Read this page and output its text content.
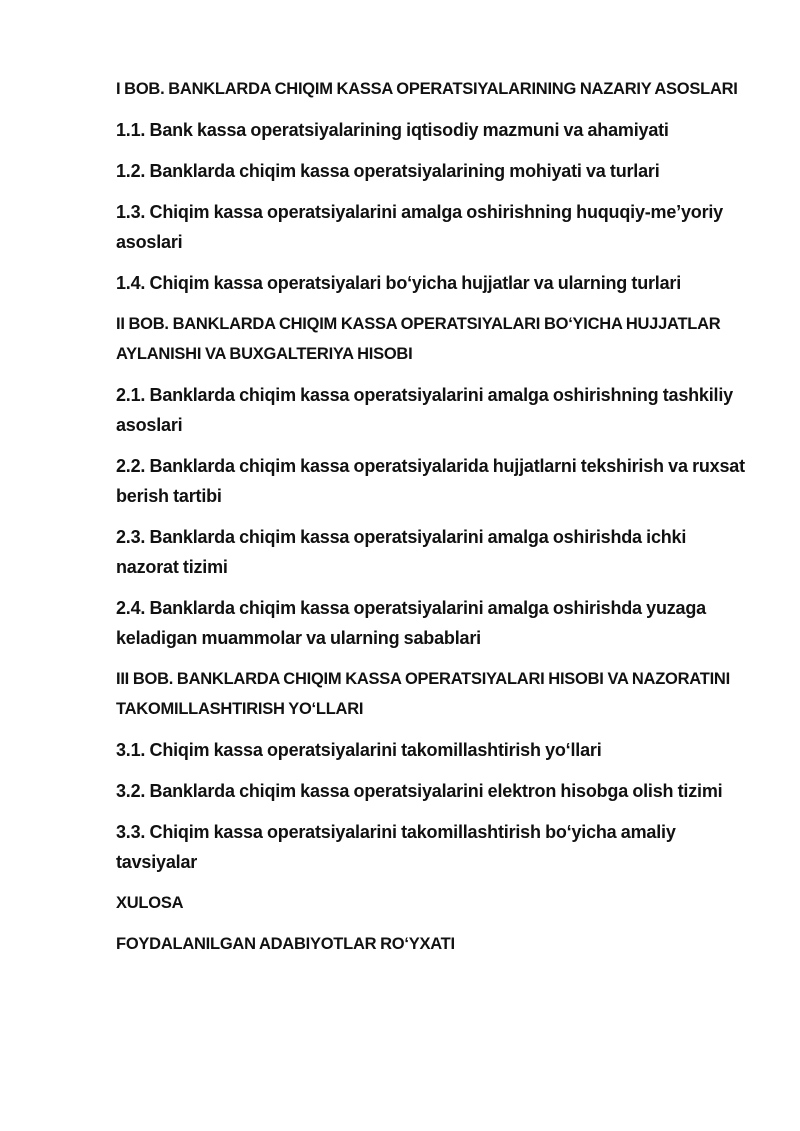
I BOB. BANKLARDA CHIQIM KASSA OPERATSIYALARINING NAZARIY ASOSLARI
1.1. Bank kassa operatsiyalarining iqtisodiy mazmuni va ahamiyati
1.2. Banklarda chiqim kassa operatsiyalarining mohiyati va turlari
1.3. Chiqim kassa operatsiyalarini amalga oshirishning huquqiy-me’yoriy asoslari
1.4. Chiqim kassa operatsiyalari bo‘yicha hujjatlar va ularning turlari
II BOB. BANKLARDA CHIQIM KASSA OPERATSIYALARI BO‘YICHA HUJJATLAR AYLANISHI VA BUXGALTERIYA HISOBI
2.1. Banklarda chiqim kassa operatsiyalarini amalga oshirishning tashkiliy asoslari
2.2. Banklarda chiqim kassa operatsiyalarida hujjatlarni tekshirish va ruxsat berish tartibi
2.3. Banklarda chiqim kassa operatsiyalarini amalga oshirishda ichki nazorat tizimi
2.4. Banklarda chiqim kassa operatsiyalarini amalga oshirishda yuzaga keladigan muammolar va ularning sabablari
III BOB. BANKLARDA CHIQIM KASSA OPERATSIYALARI HISOBI VA NAZORATINI TAKOMILLASHTIRISH YO‘LLARI
3.1. Chiqim kassa operatsiyalarini takomillashtirish yo‘llari
3.2. Banklarda chiqim kassa operatsiyalarini elektron hisobga olish tizimi
3.3. Chiqim kassa operatsiyalarini takomillashtirish bo‘yicha amaliy tavsiyalar
XULOSA
FOYDALANILGAN ADABIYOTLAR RO‘YXATI
